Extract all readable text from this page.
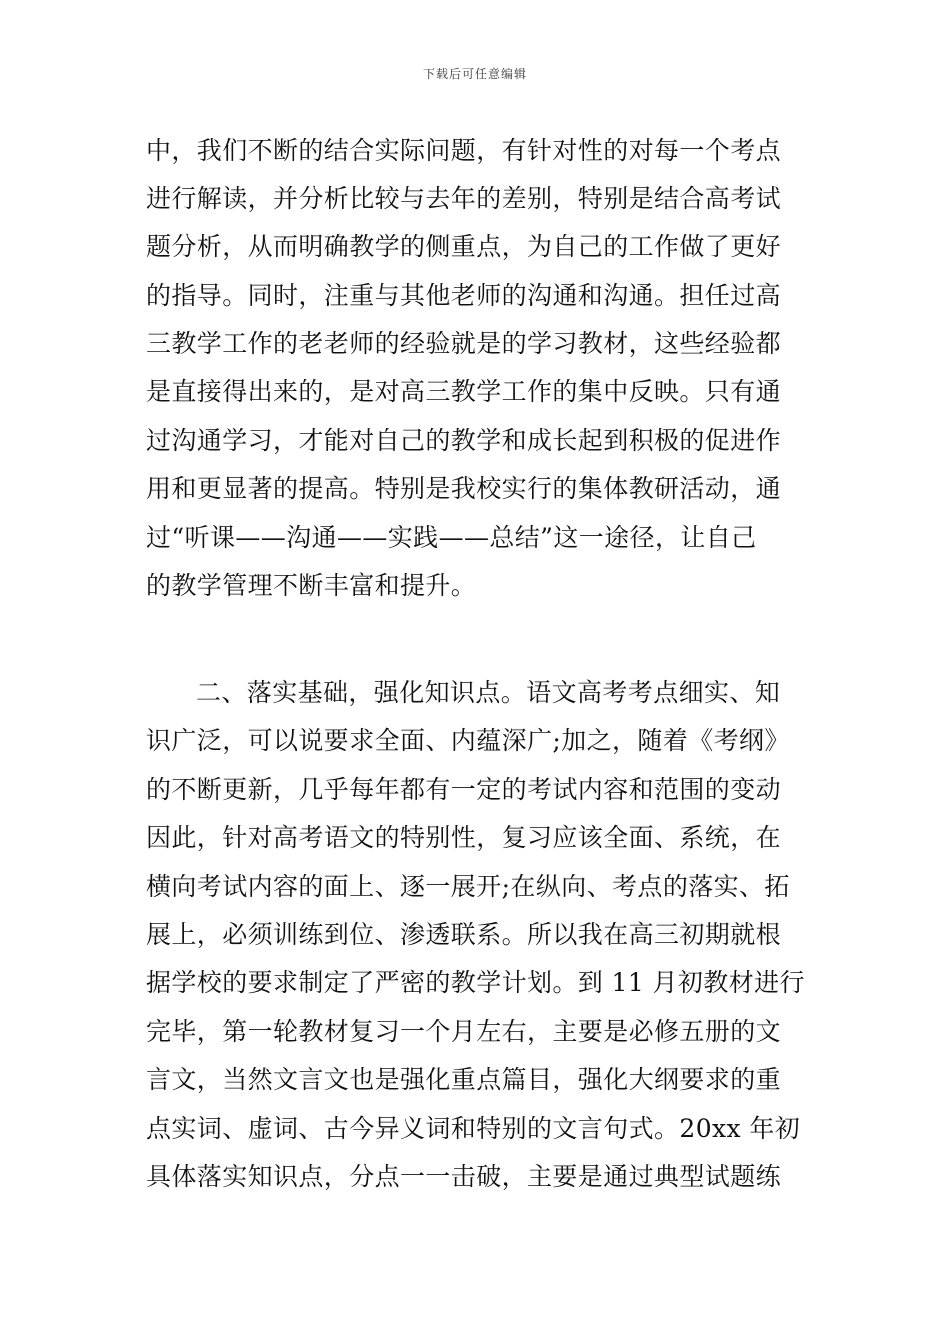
下载后可任意编辑
中，我们不断的结合实际问题，有针对性的对每一个考点
进行解读，并分析比较与去年的差别，特别是结合高考试
题分析，从而明确教学的侧重点，为自己的工作做了更好
的指导。同时，注重与其他老师的沟通和沟通。担任过高
三教学工作的老老师的经验就是的学习教材，这些经验都
是直接得出来的，是对高三教学工作的集中反映。只有通
过沟通学习，才能对自己的教学和成长起到积极的促进作
用和更显著的提高。特别是我校实行的集体教研活动，通
过“听课——沟通——实践——总结”这一途径，让自己
的教学管理不断丰富和提升。
二、落实基础，强化知识点。语文高考考点细实、知
识广泛，可以说要求全面、内蕴深广;加之，随着《考纲》
的不断更新，几乎每年都有一定的考试内容和范围的变动
因此，针对高考语文的特别性，复习应该全面、系统，在
横向考试内容的面上、逐一展开;在纵向、考点的落实、拓
展上，必须训练到位、渗透联系。所以我在高三初期就根
据学校的要求制定了严密的教学计划。到 11 月初教材进行
完毕，第一轮教材复习一个月左右，主要是必修五册的文
言文，当然文言文也是强化重点篇目，强化大纲要求的重
点实词、虚词、古今异义词和特别的文言句式。20xx 年初
具体落实知识点，分点一一击破，主要是通过典型试题练
